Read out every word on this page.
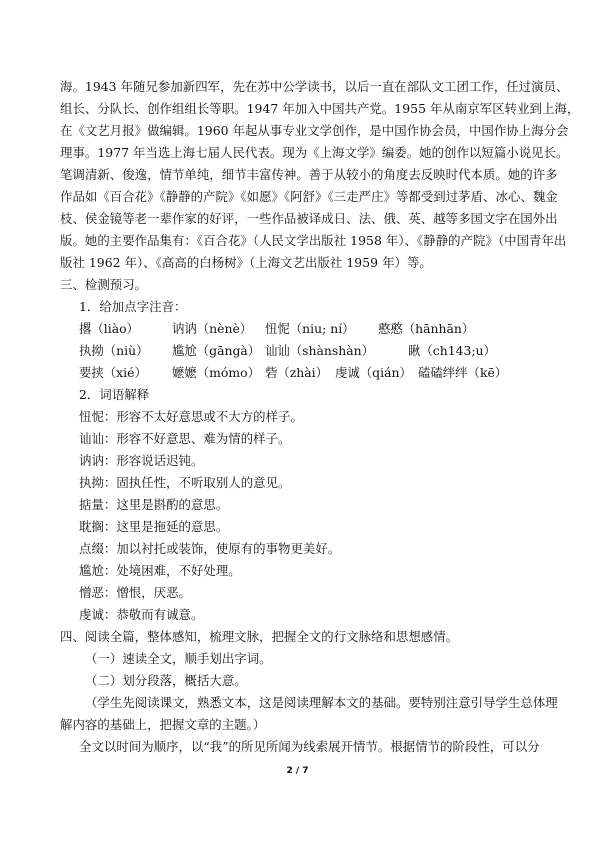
海。1943 年随兄参加新四军，先在苏中公学读书，以后一直在部队文工团工作，任过演员、
组长、分队长、创作组组长等职。1947 年加入中国共产党。1955 年从南京军区转业到上海，
在《文艺月报》做编辑。1960 年起从事专业文学创作，是中国作协会员，中国作协上海分会
理事。1977 年当选上海七届人民代表。现为《上海文学》编委。她的创作以短篇小说见长。
笔调清新、俊逸，情节单纯，细节丰富传神。善于从较小的角度去反映时代本质。她的许多
作品如《百合花》《静静的产院》《如愿》《阿舒》《三走严庄》等都受到过茅盾、冰心、魏金
枝、侯金镜等老一辈作家的好评，一些作品被译成日、法、俄、英、越等多国文字在国外出
版。她的主要作品集有：《百合花》（人民文学出版社 1958 年）、《静静的产院》（中国青年出
版社 1962 年）、《高高的白杨树》（上海文艺出版社 1959 年）等。
三、检测预习。
1．给加点字注音：
撂（liào）	讷讷（nènè） 忸怩（niu; ní） 憨憨（hānhān）
执拗（niù） 尴尬（gāngà） 讪讪（shànshàn）	瞅（ch143;u）
要挟（xié） 嬷嬷（mómo） 砦（zhài） 虔诚（qián） 磕磕绊绊（kē）
2．词语解释
忸怩：形容不太好意思或不大方的样子。
讪讪：形容不好意思、难为情的样子。
讷讷：形容说话迟钝。
执拗：固执任性，不听取别人的意见。
掂量：这里是斟酌的意思。
耽搁：这里是拖延的意思。
点缀：加以衬托或装饰，使原有的事物更美好。
尴尬：处境困难，不好处理。
憎恶：憎恨，厌恶。
虔诚：恭敬而有诚意。
四、阅读全篇，整体感知，梳理文脉，把握全文的行文脉络和思想感情。
（一）速读全文，顺手划出字词。
（二）划分段落，概括大意。
（学生先阅读课文，熟悉文本，这是阅读理解本文的基础。要特别注意引导学生总体理
解内容的基础上，把握文章的主题。）
全文以时间为顺序，以“我”的所见所闻为线索展开情节。根据情节的阶段性，可以分
2 / 7
